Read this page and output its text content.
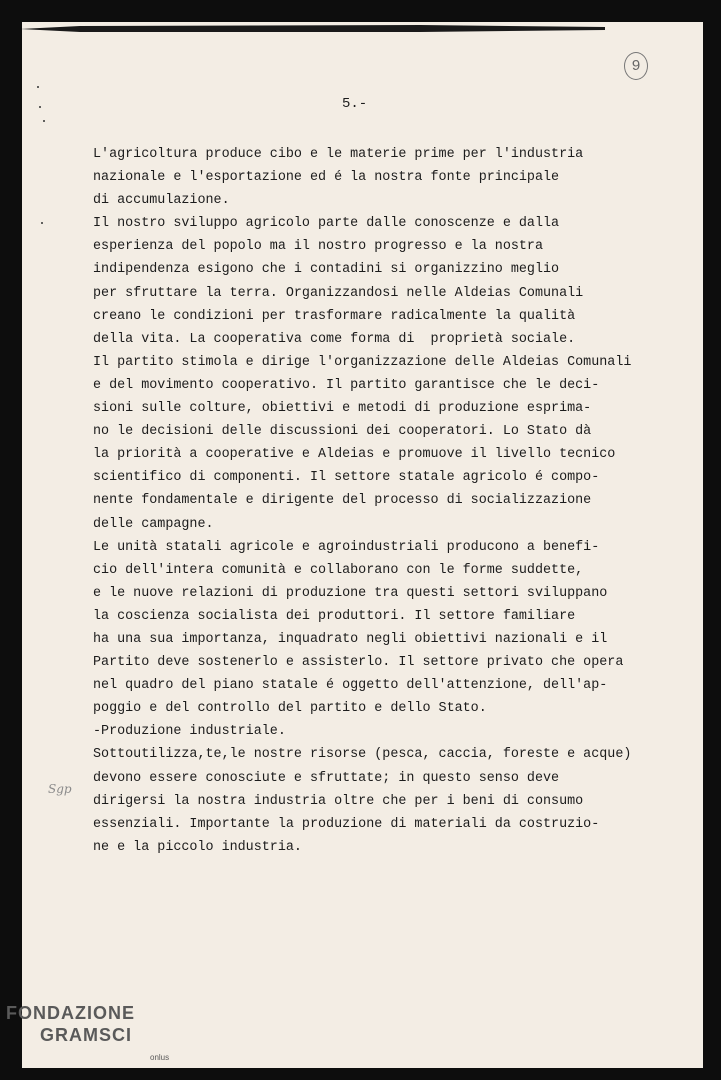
9
5.-
L'agricoltura produce cibo e le materie prime per l'industria
nazionale e l'esportazione ed é la nostra fonte principale
di accumulazione.
Il nostro sviluppo agricolo parte dalle conoscenze e dalla
esperienza del popolo ma il nostro progresso e la nostra
indipendenza esigono che i contadini si organizzino meglio
per sfruttare la terra. Organizzandosi nelle Aldeias Comunali
creano le condizioni per trasformare radicalmente la qualità
della vita. La cooperativa come forma di  proprietà sociale.
Il partito stimola e dirige l'organizzazione delle Aldeias Comunali
e del movimento cooperativo. Il partito garantisce che le deci-
sioni sulle colture, obiettivi e metodi di produzione esprima-
no le decisioni delle discussioni dei cooperatori. Lo Stato dà
la priorità a cooperative e Aldeias e promuove il livello tecnico
scientifico di componenti. Il settore statale agricolo é compo-
nente fondamentale e dirigente del processo di socializzazione
delle campagne.
Le unità statali agricole e agroindustriali producono a benefi-
cio dell'intera comunità e collaborano con le forme suddette,
e le nuove relazioni di produzione tra questi settori sviluppano
la coscienza socialista dei produttori. Il settore familiare
ha una sua importanza, inquadrato negli obiettivi nazionali e il
Partito deve sostenerlo e assisterlo. Il settore privato che opera
nel quadro del piano statale é oggetto dell'attenzione, dell'ap-
poggio e del controllo del partito e dello Stato.
-Produzione industriale.
Sottoutilizza,te,le nostre risorse (pesca, caccia, foreste e acque)
devono essere conosciute e sfruttate; in questo senso deve
dirigersi la nostra industria oltre che per i beni di consumo
essenziali. Importante la produzione di materiali da costruzio-
ne e la piccolo industria.
Sgp
FONDAZIONE
GRAMSCI
onlus
